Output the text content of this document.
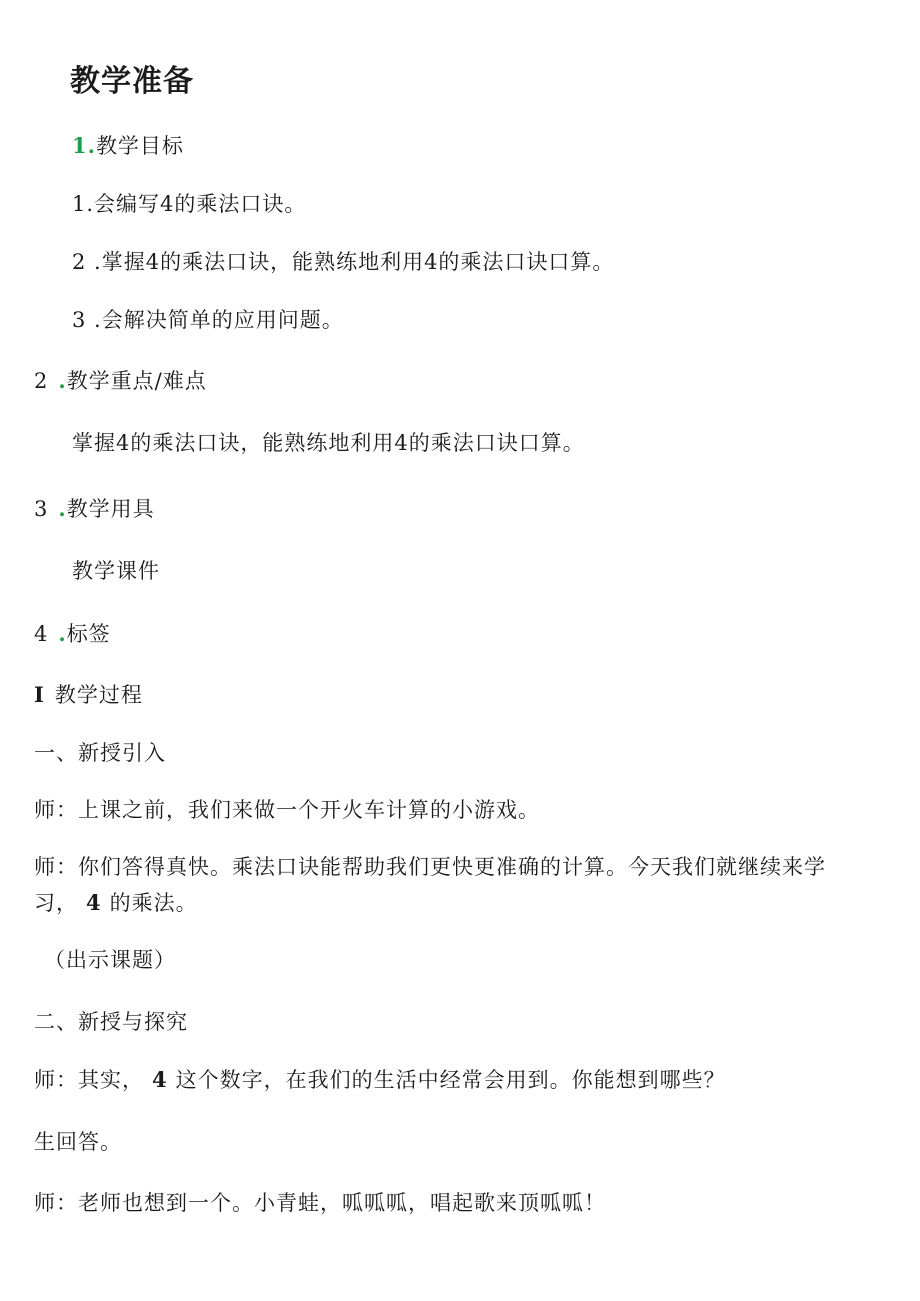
教学准备
1.教学目标
1.会编写4的乘法口诀。
2 .掌握4的乘法口诀，能熟练地利用4的乘法口诀口算。
3 .会解决简单的应用问题。
2 .教学重点/难点
掌握4的乘法口诀，能熟练地利用4的乘法口诀口算。
3 .教学用具
教学课件
4 .标签
I 教学过程
一、新授引入
师：上课之前，我们来做一个开火车计算的小游戏。
师：你们答得真快。乘法口诀能帮助我们更快更准确的计算。今天我们就继续来学
习， 4 的乘法。
（出示课题）
二、新授与探究
师：其实， 4 这个数字，在我们的生活中经常会用到。你能想到哪些？
生回答。
师：老师也想到一个。小青蛙，呱呱呱，唱起歌来顶呱呱！
